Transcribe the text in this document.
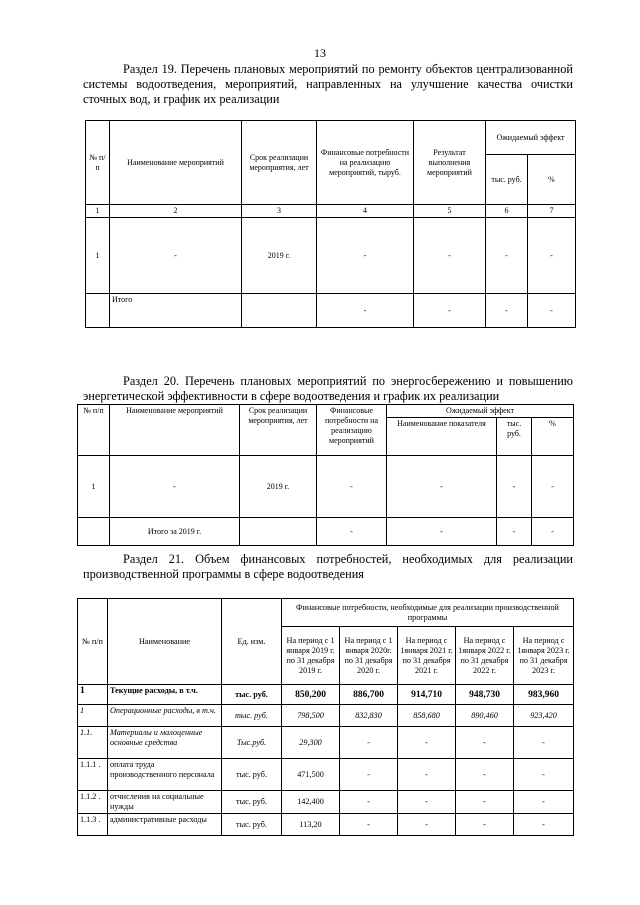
13

Раздел 19. Перечень плановых мероприятий по ремонту объектов централизованной системы водоотведения, мероприятий, направленных на улучшение качества очистки сточных вод, и график их реализации

№ п/п	Наименование мероприятий	Срок реализации мероприятия, лет	Финансовые потребности на реализацию мероприятий, тыруб.	Результат выполнения мероприятий	Ожидаемый эффект	
					тыс. руб.	%
1	2	3	4	5	6	7
1	-	2019 г.	-	-	-	-
	Итого		-	-	-	-

Раздел 20. Перечень плановых мероприятий по энергосбережению и повышению энергетической эффективности в сфере водоотведения и график их реализации

№ п/п	Наименование мероприятий	Срок реализации мероприятия, лет	Финансовые потребности на реализацию мероприятий	Ожидаемый эффект		
				Наименование показателя	тыс. руб.	%
1	-	2019 г.	-	-	-	-
	Итого за 2019 г.		-	-	-	-

Раздел 21. Объем финансовых потребностей, необходимых для реализации производственной программы в сфере водоотведения

№ п/п	Наименование	Ед. изм.	Финансовые потребности, необходимые для реализации производственной программы				
			На период с 1 января 2019 г. по 31 декабря 2019 г.	На период с 1 января 2020г. по 31 декабря 2020 г.	На период с 1января 2021 г. по 31 декабря 2021 г.	На период с 1января 2022 г. по 31 декабря 2022 г.	На период с 1января 2023 г. по 31 декабря 2023 г.
1	Текущие расходы, в т.ч.	тыс. руб.	850,200	886,700	914,710	948,730	983,960
1	Операционные расходы, в т.ч.	тыс. руб.	798,500	832,830	858,680	890,460	923,420
1.1.	Материалы и малоценные основные средства	Тыс.руб.	29,300	-	-	-	-
1.1.1 .	оплата труда производственного персонала	тыс. руб.	471,500	-	-	-	-
1.1.2 .	отчисления на социальные нужды	тыс. руб.	142,400	-	-	-	-
1.1.3 .	административные расходы	тыс. руб.	113,20	-	-	-	-
